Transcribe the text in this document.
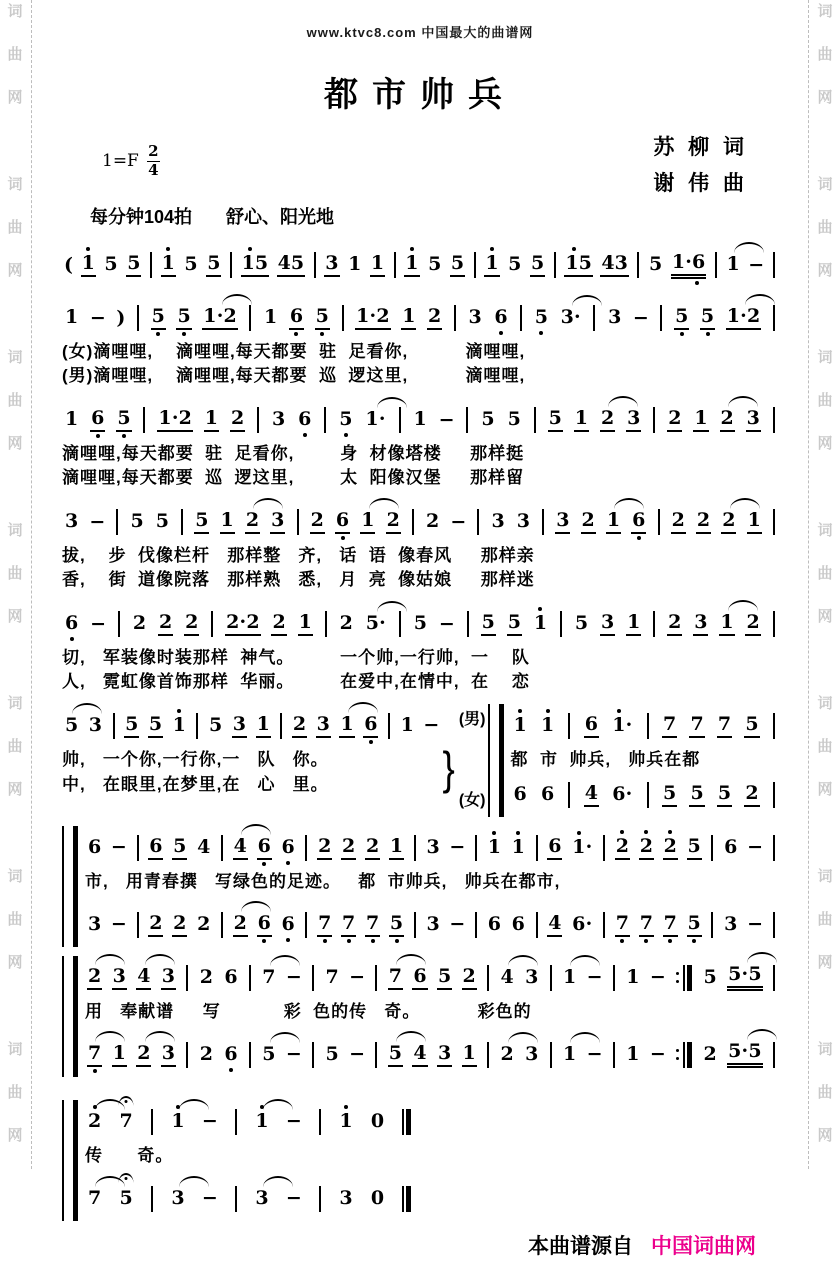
词
曲
网
词
曲
网
词
曲
网
词
曲
网
词
曲
网
词
曲
网
词
曲
网
词
曲
网
词
曲
网
词
曲
网
词
曲
网
词
曲
网
词
曲
网
词
曲
网
www.ktvc8.com 中国最大的曲谱网
都市帅兵
1=F
2
4
苏 柳 词
谢 伟 曲
每分钟104拍 舒心、阳光地
( 1 5 5 1 5 5 1 5 4 5 3 1 1 1 5 5 1 5 5 1 5 4 3 5 1 · 6 1 −
1 − ) 5 5 1 · 2 1 6 5 1 · 2 1 2 3 6 5 3 · 3 − 5 5 1 · 2
(女)滴哩哩,    滴哩哩,每天都要  驻  足看你,          滴哩哩,
(男)滴哩哩,    滴哩哩,每天都要  巡  逻这里,          滴哩哩,
1 6 5 1 · 2 1 2 3 6 5 1 · 1 − 5 5 5 1 2 3 2 1 2 3
滴哩哩,每天都要  驻  足看你,        身  材像塔楼     那样挺
滴哩哩,每天都要  巡  逻这里,        太  阳像汉堡     那样留
3 − 5 5 5 1 2 3 2 6 1 2 2 − 3 3 3 2 1 6 2 2 2 1
拔,    步  伐像栏杆   那样整   齐,   话  语  像春风     那样亲
香,    街  道像院落   那样熟   悉,   月  亮  像姑娘     那样迷
6 − 2 2 2 2 · 2 2 1 2 5 · 5 − 5 5 1 5 3 1 2 3 1 2
切,   军装像时装那样  神气。        一个帅,一行帅,  一    队
人,   霓虹像首饰那样  华丽。        在爱中,在情中,  在    恋
5 3 5 5 1 5 3 1 2 3 1 6 1 −
帅,   一个你,一行你,一   队   你。
中,   在眼里,在梦里,在   心   里。	}
(男)
(女)
1 1 6 1 · 7 7 7 5
都  市  帅兵,   帅兵在都
6 6 4 6 · 5 5 5 2
6 − 6 5 4 4 6 6 2 2 2 1 3 − 1 1 6 1 · 2 2 2 5 6 −
市,   用青春撰   写绿色的足迹。   都  市帅兵,   帅兵在都市,
3 − 2 2 2 2 6 6 7 7 7 5 3 − 6 6 4 6 · 7 7 7 5 3 −
2 3 4 3 2 6 7 − 7 − 7 6 5 2 4 3 1 − 1 − 5 5 · 5
用   奉献谱     写           彩  色的传   奇。          彩色的
7 1 2 3 2 6 5 − 5 − 5 4 3 1 2 3 1 − 1 − 2 5 · 5
2 7 1 − 1 − 1 0
传      奇。
7 5 3 − 3 − 3 0
本曲谱源自 中国词曲网
